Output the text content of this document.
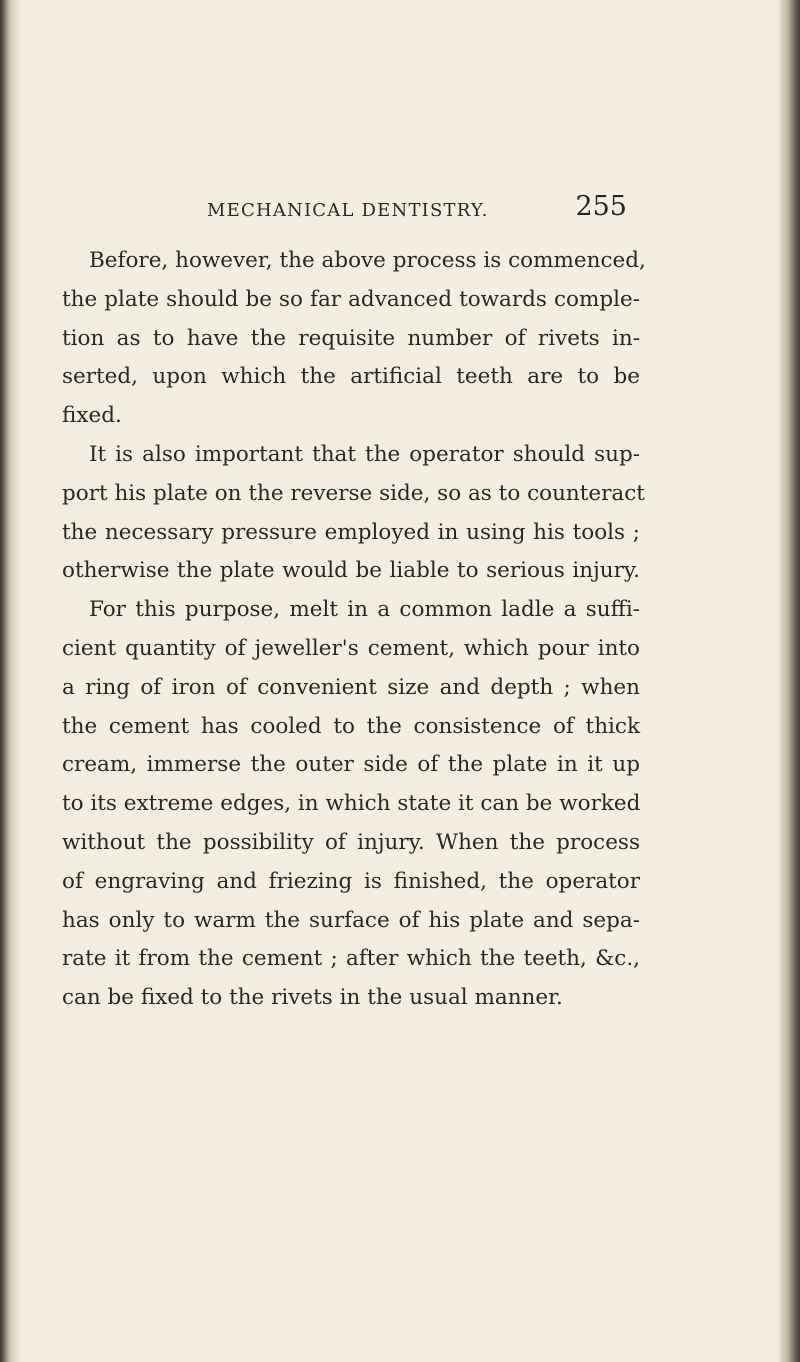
MECHANICAL DENTISTRY.	255
Before, however, the above process is commenced,
the plate should be so far advanced towards comple-
tion as to have the requisite number of rivets in-
serted, upon which the artificial teeth are to be
fixed.
It is also important that the operator should sup-
port his plate on the reverse side, so as to counteract
the necessary pressure employed in using his tools ;
otherwise the plate would be liable to serious injury.
For this purpose, melt in a common ladle a suffi-
cient quantity of jeweller's cement, which pour into
a ring of iron of convenient size and depth ; when
the cement has cooled to the consistence of thick
cream, immerse the outer side of the plate in it up
to its extreme edges, in which state it can be worked
without the possibility of injury. When the process
of engraving and friezing is finished, the operator
has only to warm the surface of his plate and sepa-
rate it from the cement ; after which the teeth, &c.,
can be fixed to the rivets in the usual manner.
